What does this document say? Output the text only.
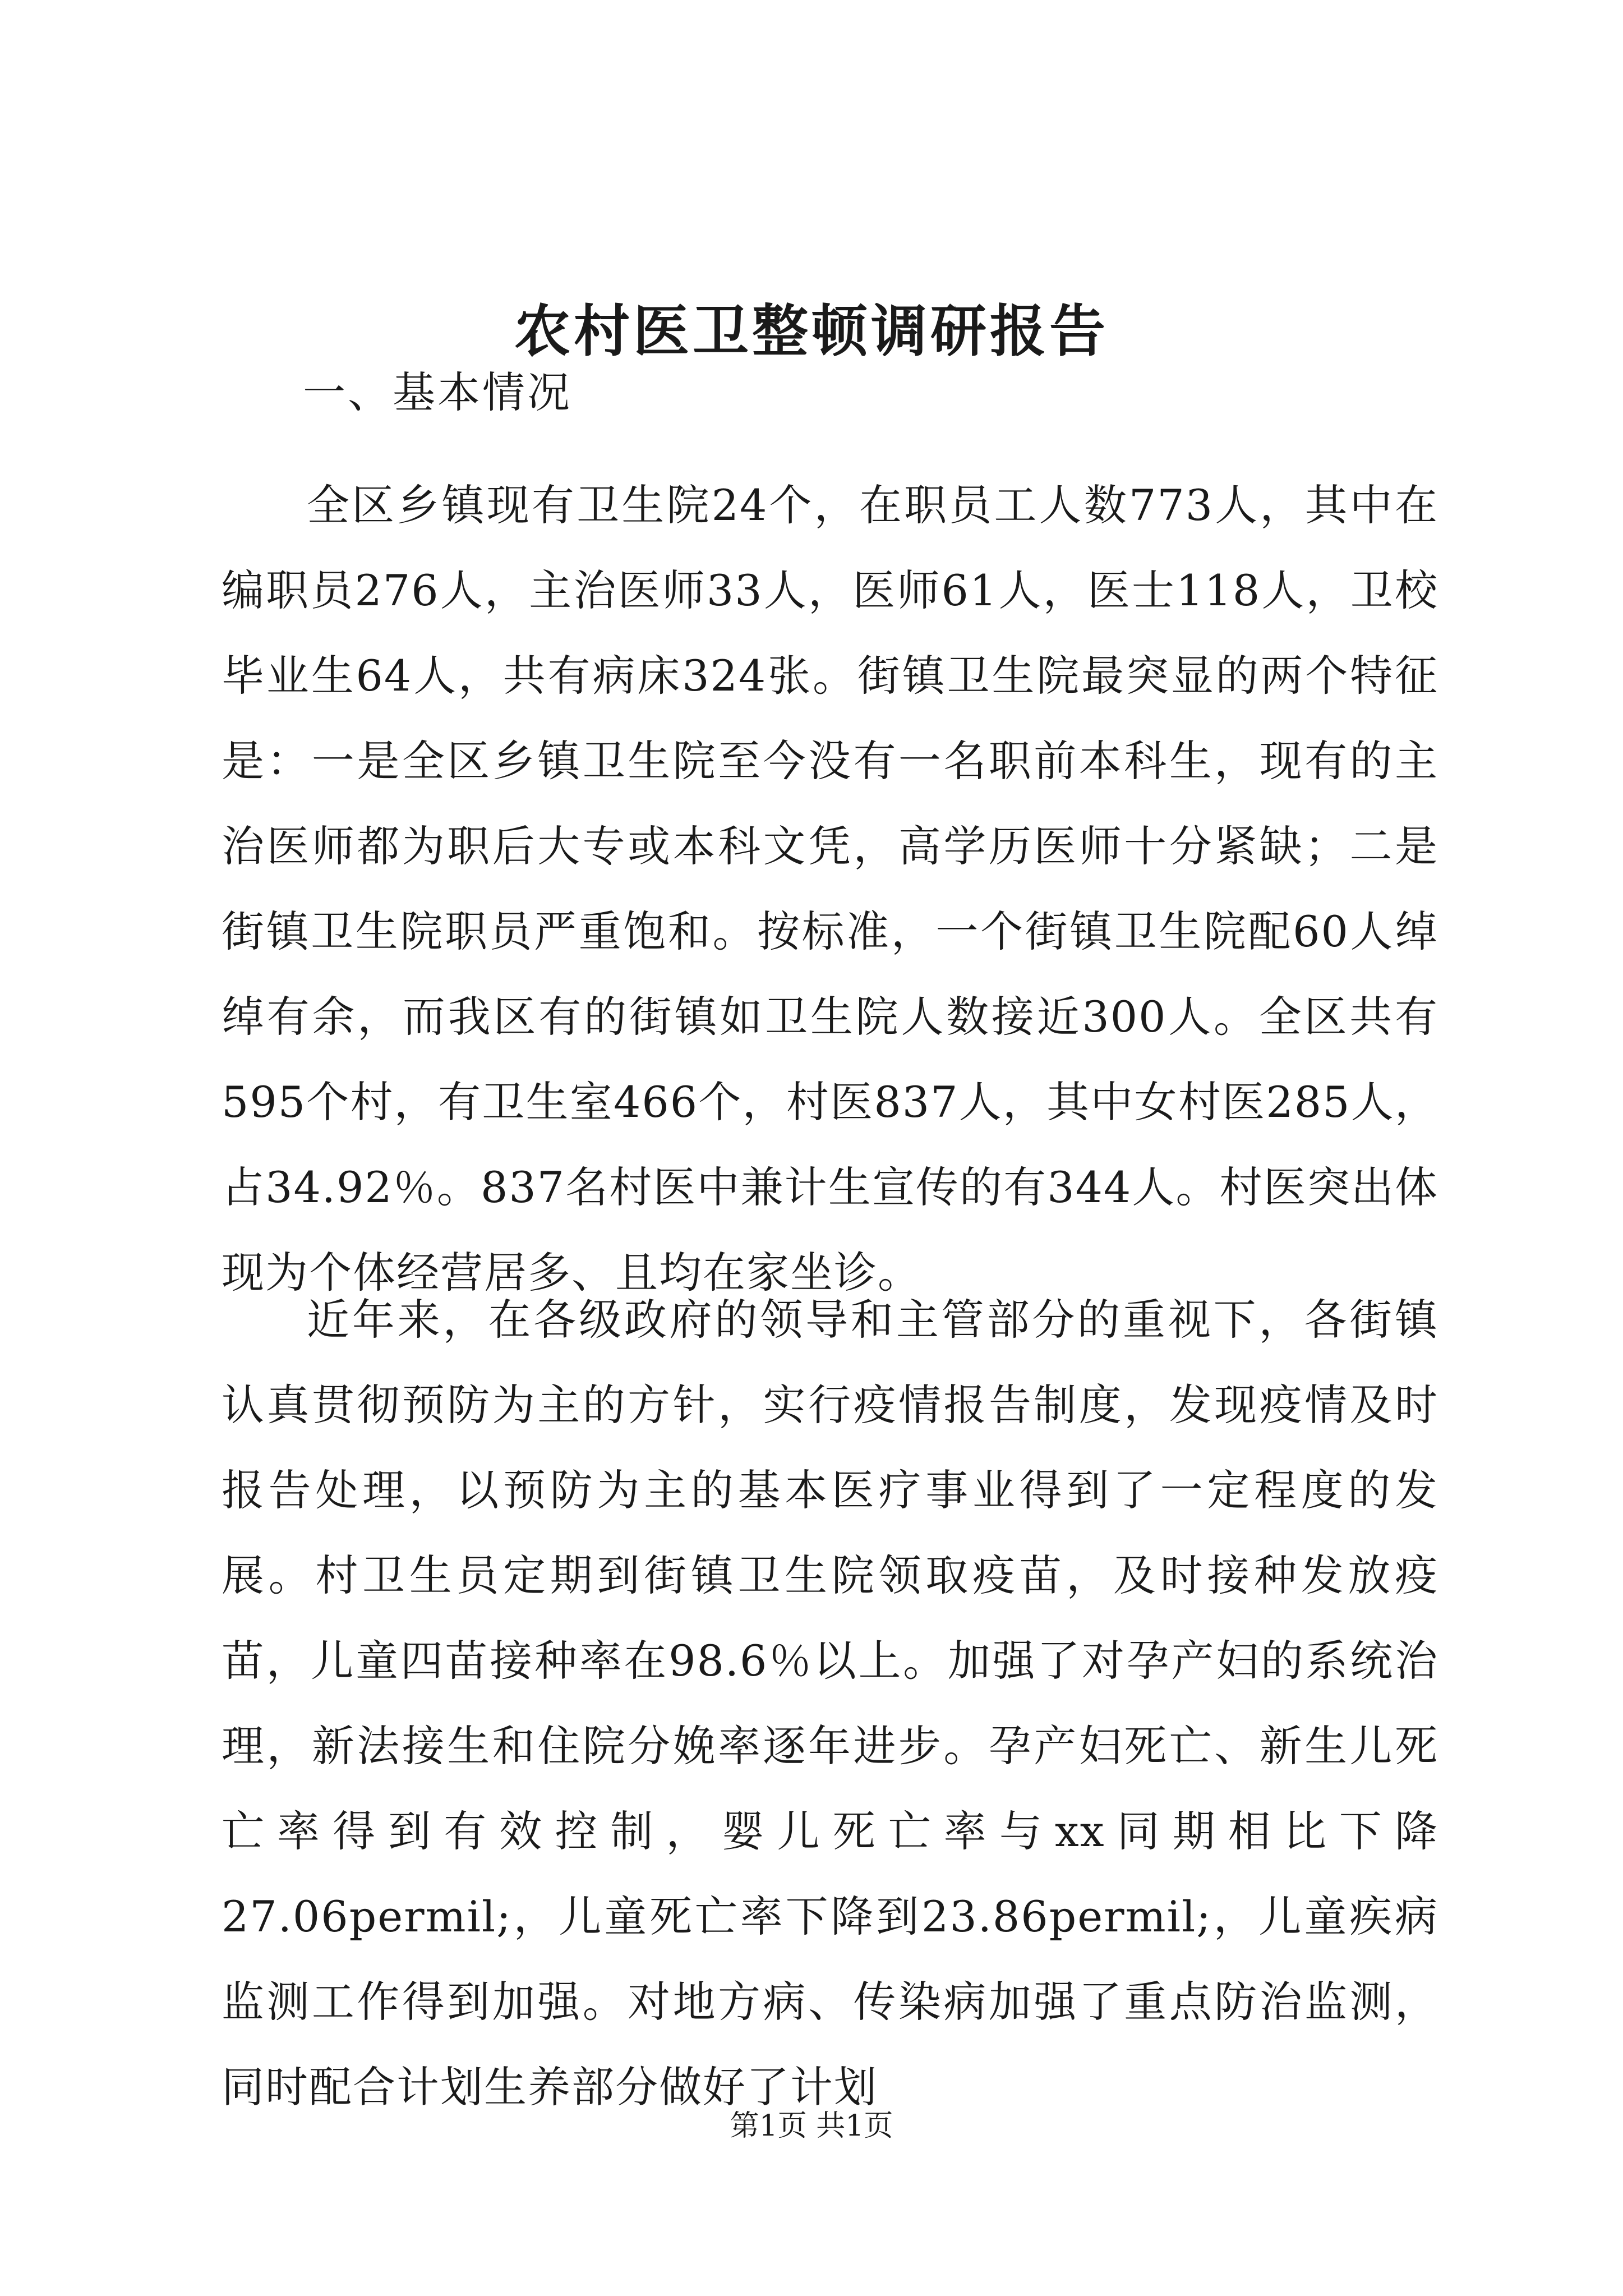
农村医卫整顿调研报告

一、基本情况

全区乡镇现有卫生院24个，在职员工人数773人，其中在编职员276人，主治医师33人，医师61人，医士118人，卫校毕业生64人，共有病床324张。街镇卫生院最突显的两个特征是：一是全区乡镇卫生院至今没有一名职前本科生，现有的主治医师都为职后大专或本科文凭，高学历医师十分紧缺；二是街镇卫生院职员严重饱和。按标准，一个街镇卫生院配60人绰绰有余，而我区有的街镇如卫生院人数接近300人。全区共有595个村，有卫生室466个，村医837人，其中女村医285人，占34.92％。837名村医中兼计生宣传的有344人。村医突出体现为个体经营居多、且均在家坐诊。

近年来，在各级政府的领导和主管部分的重视下，各街镇认真贯彻预防为主的方针，实行疫情报告制度，发现疫情及时报告处理，以预防为主的基本医疗事业得到了一定程度的发展。村卫生员定期到街镇卫生院领取疫苗，及时接种发放疫苗，儿童四苗接种率在98.6％以上。加强了对孕产妇的系统治理，新法接生和住院分娩率逐年进步。孕产妇死亡、新生儿死亡率得到有效控制，婴儿死亡率与xx同期相比下降27.06permil;，儿童死亡率下降到23.86permil;，儿童疾病监测工作得到加强。对地方病、传染病加强了重点防治监测，同时配合计划生养部分做好了计划

第1页 共1页
